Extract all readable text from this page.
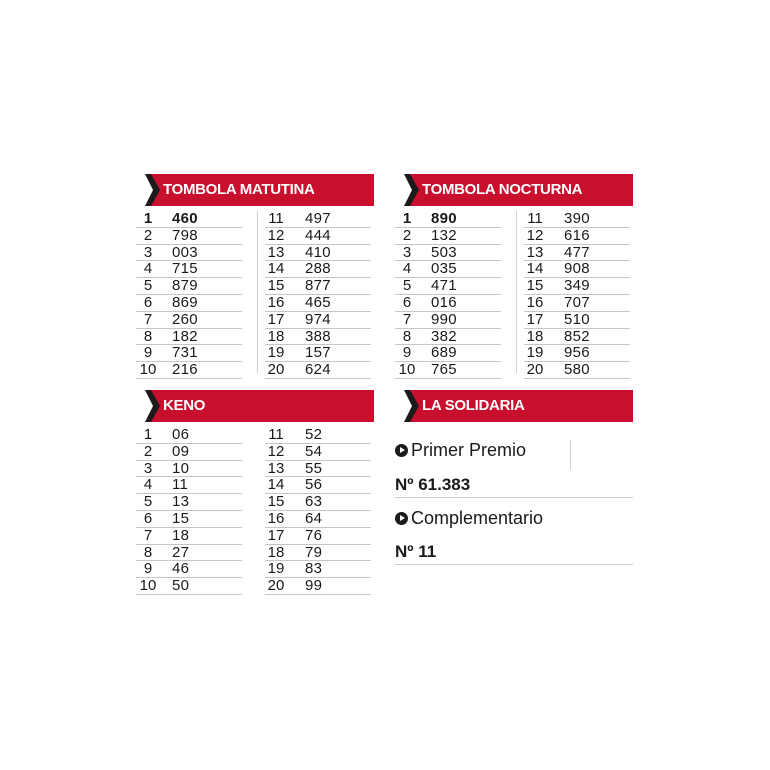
TOMBOLA MATUTINA
1	460
2	798
3	003
4	715
5	879
6	869
7	260
8	182
9	731
10 216
11 497
12 444
13 410
14 288
15 877
16 465
17 974
18 388
19 157
20 624
TOMBOLA NOCTURNA
1	890
2	132
3	503
4	035
5	471
6	016
7	990
8	382
9	689
10 765
11 390
12 616
13 477
14 908
15 349
16 707
17 510
18 852
19 956
20 580
KENO
1	06
2	09
3	10
4	11
5	13
6	15
7	18
8	27
9	46
10 50
11 52
12 54
13 55
14 56
15 63
16 64
17 76
18 79
19 83
20 99
LA SOLIDARIA
Primer Premio
Nº 61.383
Complementario
Nº 11
